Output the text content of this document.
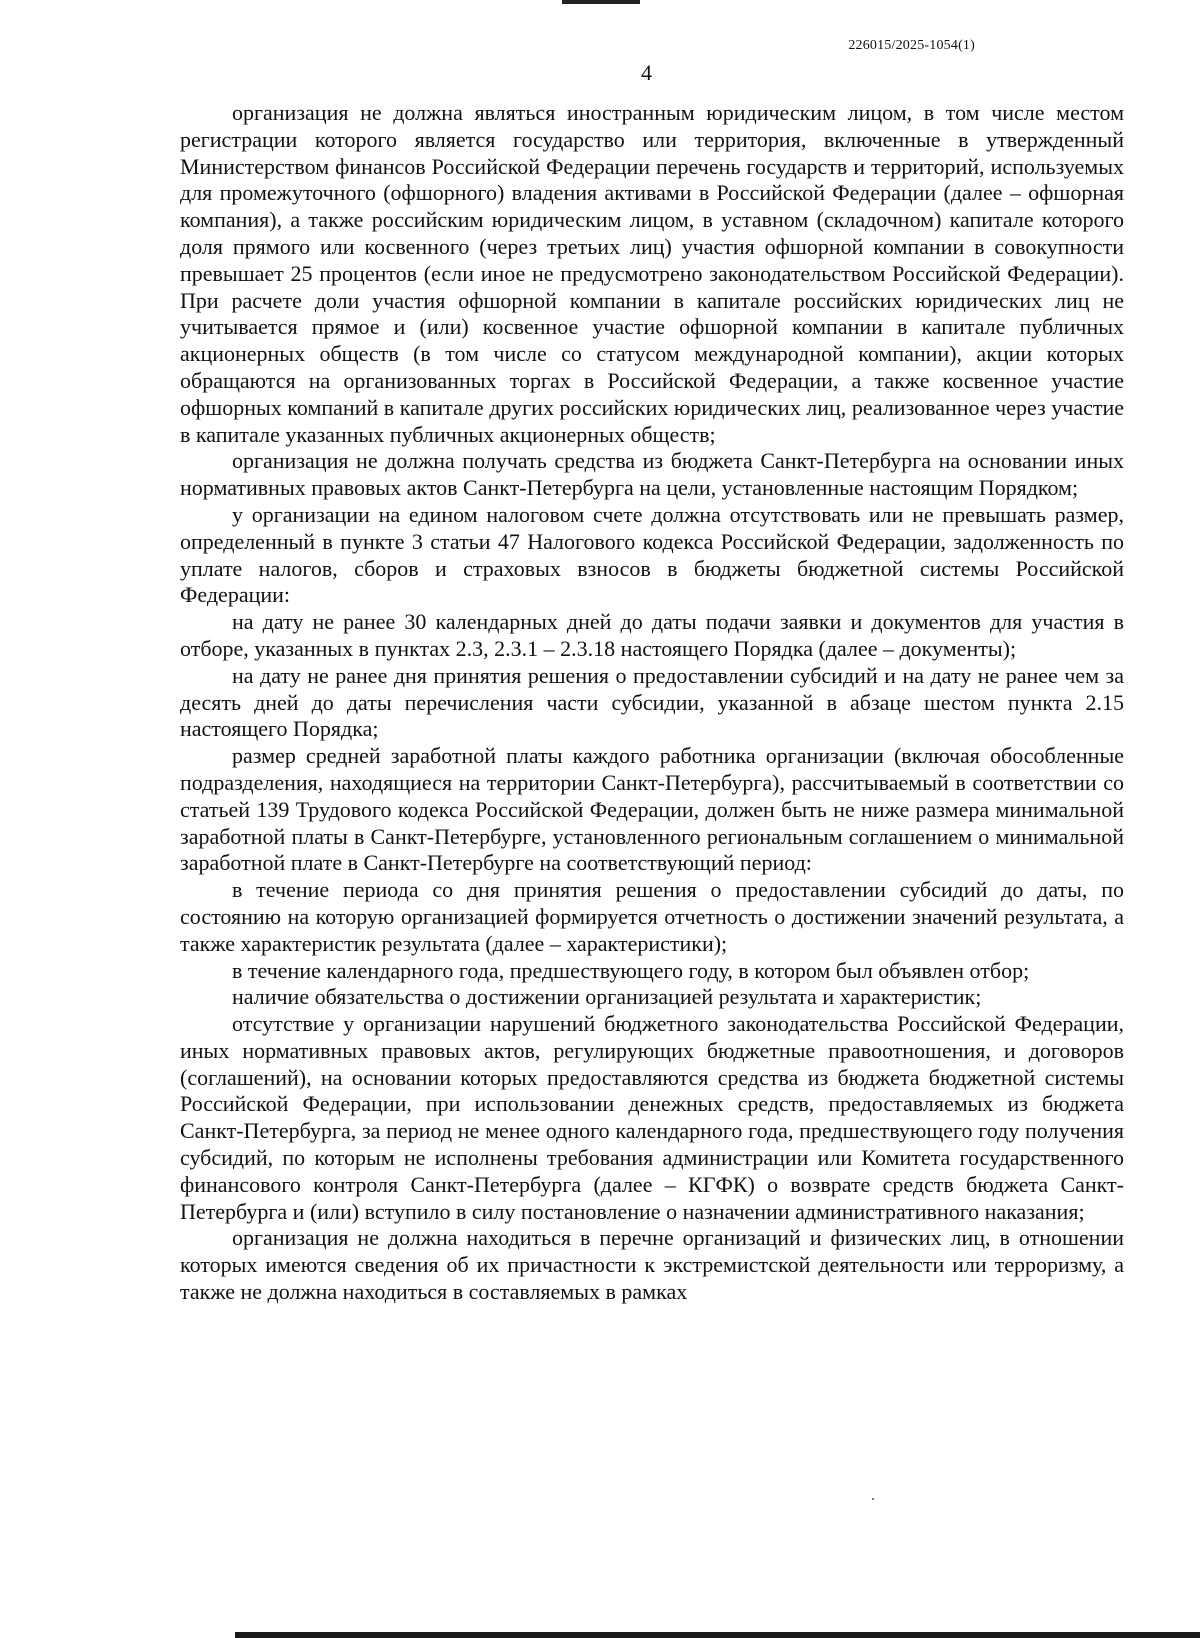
226015/2025-1054(1)
4

организация не должна являться иностранным юридическим лицом, в том числе местом регистрации которого является государство или территория, включенные в утвержденный Министерством финансов Российской Федерации перечень государств и территорий, используемых для промежуточного (офшорного) владения активами в Российской Федерации (далее – офшорная компания), а также российским юридическим лицом, в уставном (складочном) капитале которого доля прямого или косвенного (через третьих лиц) участия офшорной компании в совокупности превышает 25 процентов (если иное не предусмотрено законодательством Российской Федерации). При расчете доли участия офшорной компании в капитале российских юридических лиц не учитывается прямое и (или) косвенное участие офшорной компании в капитале публичных акционерных обществ (в том числе со статусом международной компании), акции которых обращаются на организованных торгах в Российской Федерации, а также косвенное участие офшорных компаний в капитале других российских юридических лиц, реализованное через участие в капитале указанных публичных акционерных обществ;

организация не должна получать средства из бюджета Санкт-Петербурга на основании иных нормативных правовых актов Санкт-Петербурга на цели, установленные настоящим Порядком;

у организации на едином налоговом счете должна отсутствовать или не превышать размер, определенный в пункте 3 статьи 47 Налогового кодекса Российской Федерации, задолженность по уплате налогов, сборов и страховых взносов в бюджеты бюджетной системы Российской Федерации:

на дату не ранее 30 календарных дней до даты подачи заявки и документов для участия в отборе, указанных в пунктах 2.3, 2.3.1 – 2.3.18 настоящего Порядка (далее – документы);

на дату не ранее дня принятия решения о предоставлении субсидий и на дату не ранее чем за десять дней до даты перечисления части субсидии, указанной в абзаце шестом пункта 2.15 настоящего Порядка;

размер средней заработной платы каждого работника организации (включая обособленные подразделения, находящиеся на территории Санкт-Петербурга), рассчитываемый в соответствии со статьей 139 Трудового кодекса Российской Федерации, должен быть не ниже размера минимальной заработной платы в Санкт-Петербурге, установленного региональным соглашением о минимальной заработной плате в Санкт-Петербурге на соответствующий период:

в течение периода со дня принятия решения о предоставлении субсидий до даты, по состоянию на которую организацией формируется отчетность о достижении значений результата, а также характеристик результата (далее – характеристики);

в течение календарного года, предшествующего году, в котором был объявлен отбор;

наличие обязательства о достижении организацией результата и характеристик;

отсутствие у организации нарушений бюджетного законодательства Российской Федерации, иных нормативных правовых актов, регулирующих бюджетные правоотношения, и договоров (соглашений), на основании которых предоставляются средства из бюджета бюджетной системы Российской Федерации, при использовании денежных средств, предоставляемых из бюджета Санкт-Петербурга, за период не менее одного календарного года, предшествующего году получения субсидий, по которым не исполнены требования администрации или Комитета государственного финансового контроля Санкт-Петербурга (далее – КГФК) о возврате средств бюджета Санкт-Петербурга и (или) вступило в силу постановление о назначении административного наказания;

организация не должна находиться в перечне организаций и физических лиц, в отношении которых имеются сведения об их причастности к экстремистской деятельности или терроризму, а также не должна находиться в составляемых в рамках
